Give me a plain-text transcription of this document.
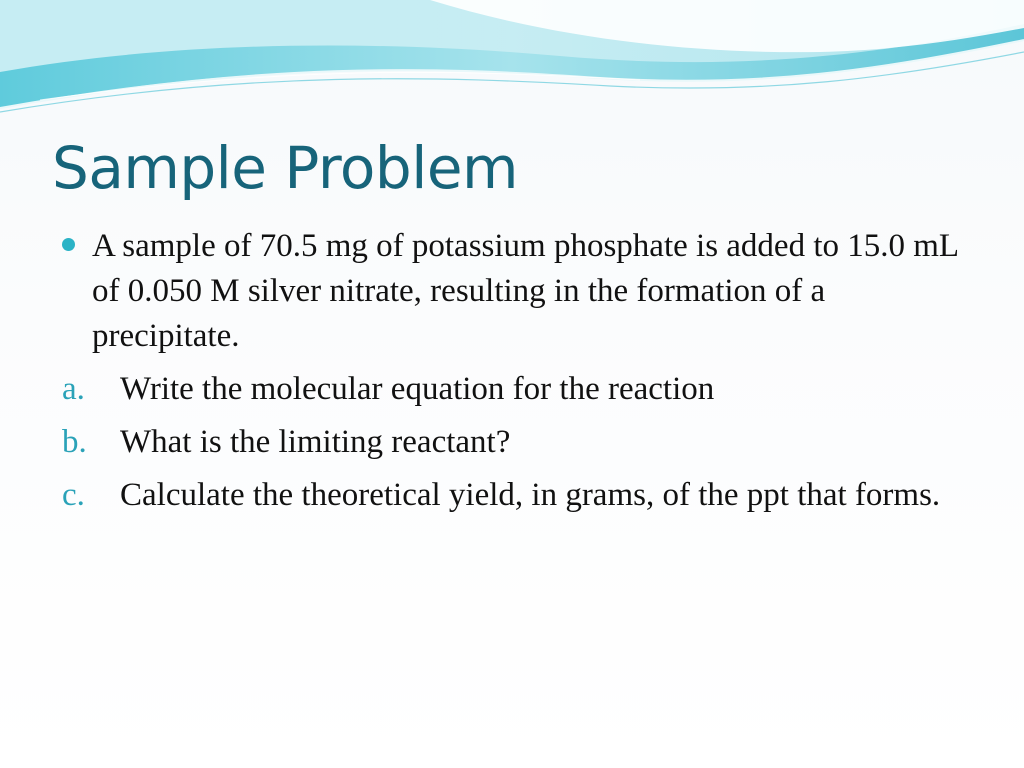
Sample Problem
A sample of 70.5 mg of potassium phosphate is added to 15.0 mL of 0.050 M silver nitrate, resulting in the formation of a precipitate.
a. Write the molecular equation for the reaction
b. What is the limiting reactant?
c. Calculate the theoretical yield, in grams, of the ppt that forms.
